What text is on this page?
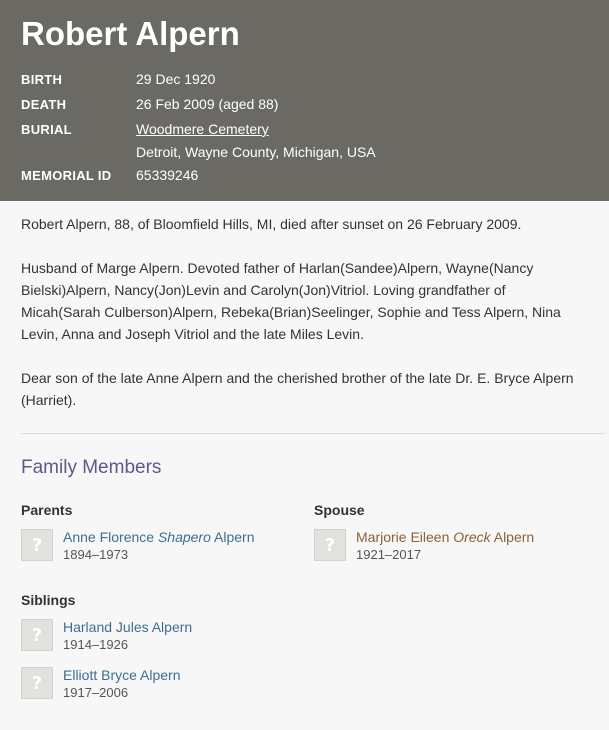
Robert Alpern
BIRTH	29 Dec 1920
DEATH	26 Feb 2009 (aged 88)
BURIAL	Woodmere Cemetery
Detroit, Wayne County, Michigan, USA
MEMORIAL ID	65339246

Robert Alpern, 88, of Bloomfield Hills, MI, died after sunset on 26 February 2009.

Husband of Marge Alpern. Devoted father of Harlan(Sandee)Alpern, Wayne(Nancy Bielski)Alpern, Nancy(Jon)Levin and Carolyn(Jon)Vitriol. Loving grandfather of Micah(Sarah Culberson)Alpern, Rebeka(Brian)Seelinger, Sophie and Tess Alpern, Nina Levin, Anna and Joseph Vitriol and the late Miles Levin.

Dear son of the late Anne Alpern and the cherished brother of the late Dr. E. Bryce Alpern (Harriet).

Family Members
Parents
? Anne Florence Shapero Alpern
1894–1973
Spouse
? Marjorie Eileen Oreck Alpern
1921–2017
Siblings
? Harland Jules Alpern
1914–1926
? Elliott Bryce Alpern
1917–2006
